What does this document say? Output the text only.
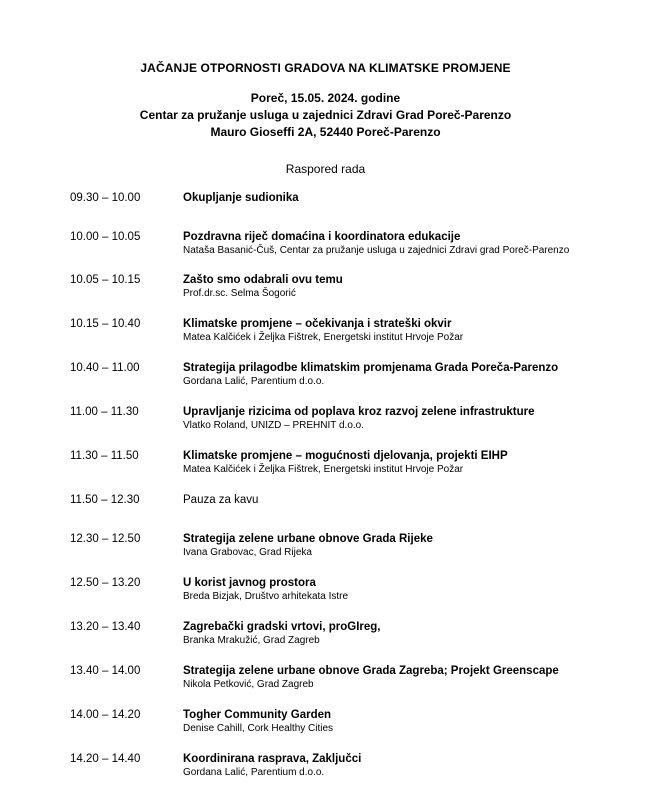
JAČANJE OTPORNOSTI GRADOVA NA KLIMATSKE PROMJENE
Poreč, 15.05. 2024. godine
Centar za pružanje usluga u zajednici Zdravi Grad Poreč-Parenzo
Mauro Gioseffi 2A, 52440 Poreč-Parenzo
Raspored rada
09.30 – 10.00	Okupljanje sudionika
10.00 – 10.05	Pozdravna riječ domaćina i koordinatora edukacije
Nataša Basanić-Čuš, Centar za pružanje usluga u zajednici Zdravi grad Poreč-Parenzo
10.05 – 10.15	Zašto smo odabrali ovu temu
Prof.dr.sc. Selma Šogorić
10.15 – 10.40	Klimatske promjene – očekivanja i strateški okvir
Matea Kalčićek i Željka Fištrek, Energetski institut Hrvoje Požar
10.40 – 11.00	Strategija prilagodbe klimatskim promjenama Grada Poreča-Parenzo
Gordana Lalić, Parentium d.o.o.
11.00 – 11.30	Upravljanje rizicima od poplava kroz razvoj zelene infrastrukture
Vlatko Roland, UNIZD – PREHNIT d.o.o.
11.30 – 11.50	Klimatske promjene – mogućnosti djelovanja, projekti EIHP
Matea Kalčićek i Željka Fištrek, Energetski institut Hrvoje Požar
11.50 – 12.30	Pauza za kavu
12.30 – 12.50	Strategija zelene urbane obnove Grada Rijeke
Ivana Grabovac, Grad Rijeka
12.50 – 13.20	U korist javnog prostora
Breda Bizjak, Društvo arhitekata Istre
13.20 – 13.40	Zagrebački gradski vrtovi, proGIreg,
Branka Mrakužić, Grad Zagreb
13.40 – 14.00	Strategija zelene urbane obnove Grada Zagreba; Projekt Greenscape
Nikola Petković, Grad Zagreb
14.00 – 14.20	Togher Community Garden
Denise Cahill, Cork Healthy Cities
14.20 – 14.40	Koordinirana rasprava, Zaključci
Gordana Lalić, Parentium d.o.o.
